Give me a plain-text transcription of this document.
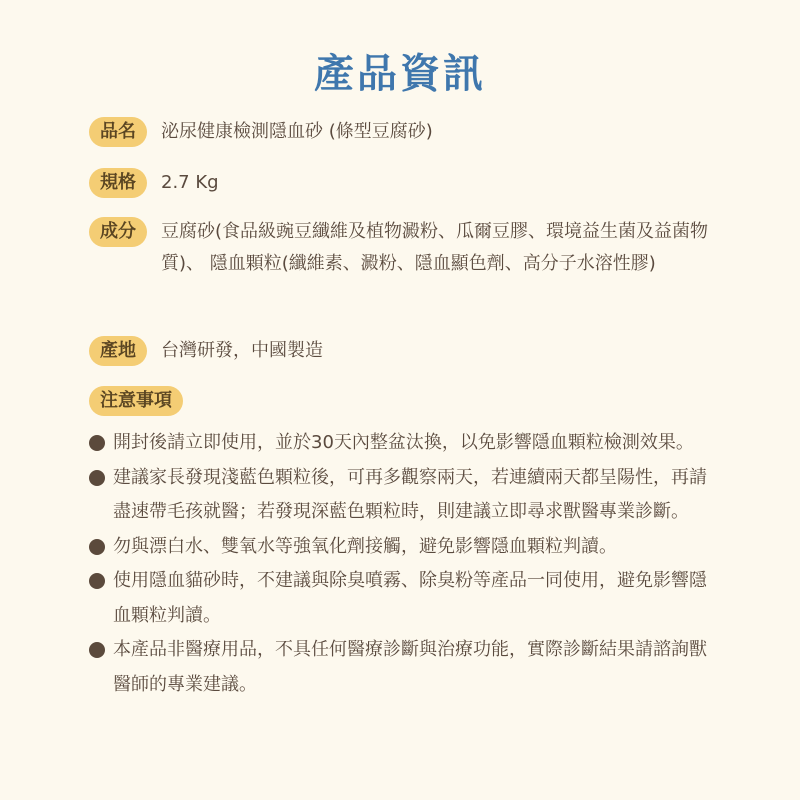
產品資訊
品名	泌尿健康檢測隱血砂 (條型豆腐砂)
規格	2.7 Kg
成分	豆腐砂(食品級豌豆纖維及植物澱粉、瓜爾豆膠、環境益生菌及益菌物質)、 隱血顆粒(纖維素、澱粉、隱血顯色劑、高分子水溶性膠)
產地	台灣研發，中國製造
注意事項
開封後請立即使用，並於30天內整盆汰換，以免影響隱血顆粒檢測效果。
建議家長發現淺藍色顆粒後，可再多觀察兩天，若連續兩天都呈陽性，再請盡速帶毛孩就醫；若發現深藍色顆粒時，則建議立即尋求獸醫專業診斷。
勿與漂白水、雙氧水等強氧化劑接觸，避免影響隱血顆粒判讀。
使用隱血貓砂時，不建議與除臭噴霧、除臭粉等產品一同使用，避免影響隱血顆粒判讀。
本產品非醫療用品，不具任何醫療診斷與治療功能，實際診斷結果請諮詢獸醫師的專業建議。
